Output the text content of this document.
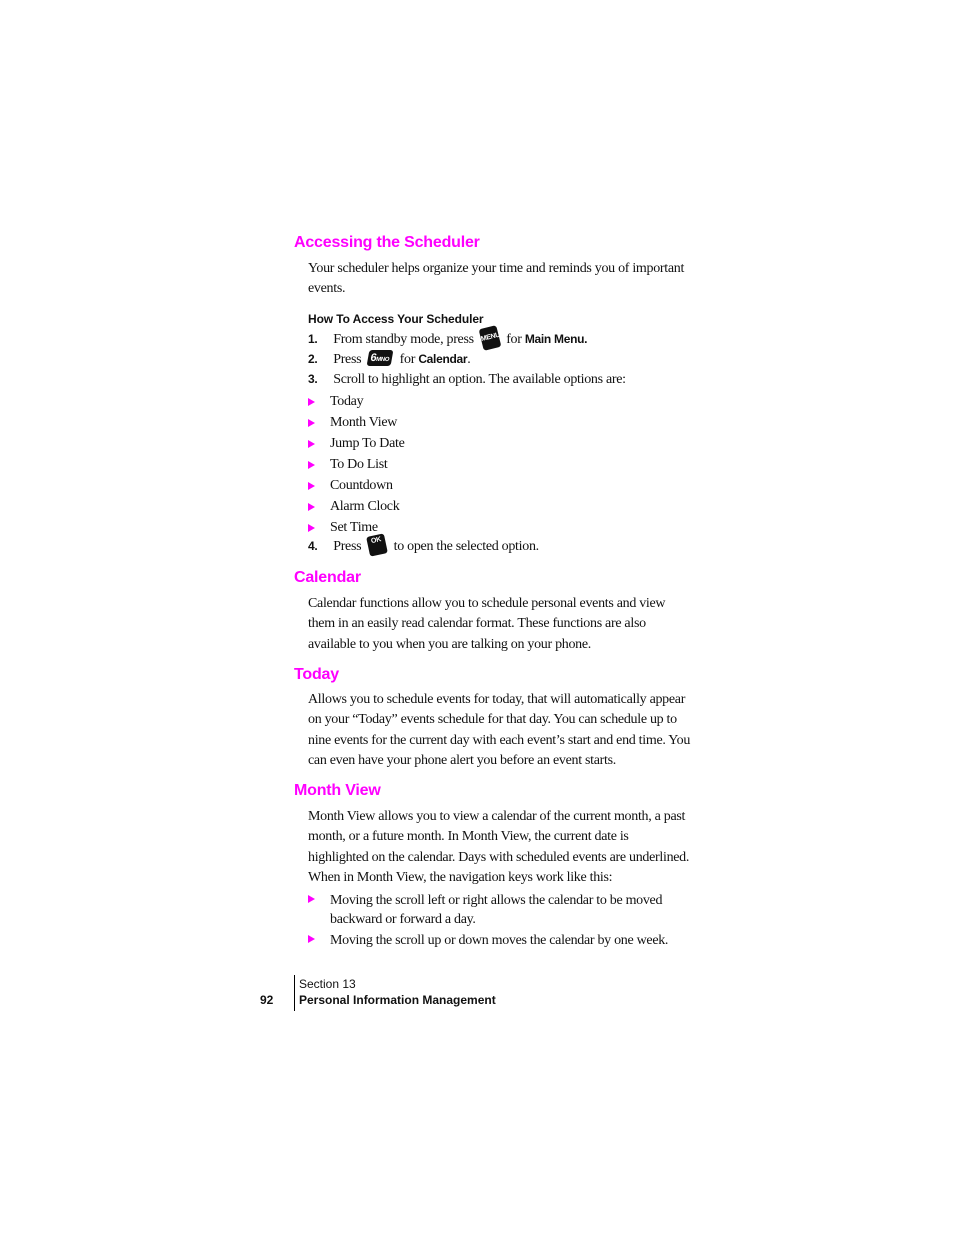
Accessing the Scheduler

Your scheduler helps organize your time and reminds you of important events.

How To Access Your Scheduler
1. From standby mode, press MENU for Main Menu.
2. Press 6MNO for Calendar.
3. Scroll to highlight an option. The available options are:
Today
Month View
Jump To Date
To Do List
Countdown
Alarm Clock
Set Time
4. Press OK to open the selected option.
Calendar

Calendar functions allow you to schedule personal events and view them in an easily read calendar format. These functions are also available to you when you are talking on your phone.

Today

Allows you to schedule events for today, that will automatically appear on your “Today” events schedule for that day. You can schedule up to nine events for the current day with each event’s start and end time. You can even have your phone alert you before an event starts.

Month View

Month View allows you to view a calendar of the current month, a past month, or a future month. In Month View, the current date is highlighted on the calendar. Days with scheduled events are underlined. When in Month View, the navigation keys work like this:

Moving the scroll left or right allows the calendar to be moved backward or forward a day.
Moving the scroll up or down moves the calendar by one week.
92
Section 13
Personal Information Management
